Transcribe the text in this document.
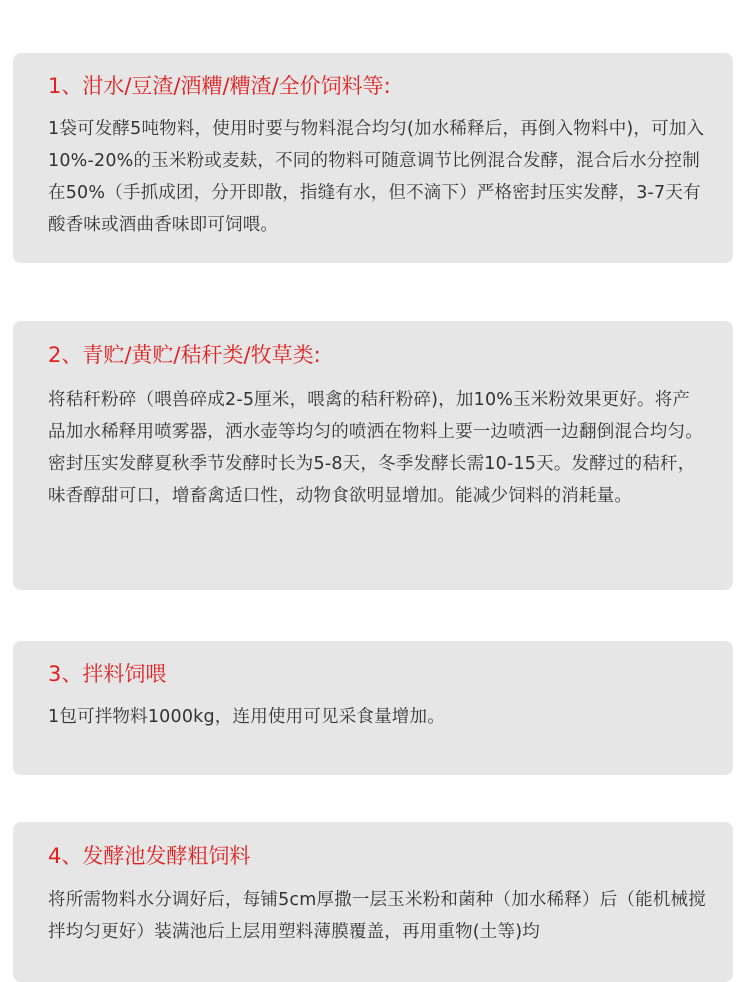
1、泔水/豆渣/酒糟/糟渣/全价饲料等:

1袋可发酵5吨物料，使用时要与物料混合均匀(加水稀释后，再倒入物料中)，可加入10%-20%的玉米粉或麦麸，不同的物料可随意调节比例混合发酵，混合后水分控制在50%（手抓成团，分开即散，指缝有水，但不滴下）严格密封压实发酵，3-7天有酸香味或酒曲香味即可饲喂。

2、青贮/黄贮/秸秆类/牧草类:

将秸秆粉碎（喂兽碎成2-5厘米，喂禽的秸秆粉碎)，加10%玉米粉效果更好。将产品加水稀释用喷雾器，洒水壶等均匀的喷洒在物料上要一边喷洒一边翻倒混合均匀。密封压实发酵夏秋季节发酵时长为5-8天，冬季发酵长需10-15天。发酵过的秸秆，味香醇甜可口，增畜禽适口性，动物食欲明显增加。能减少饲料的消耗量。

3、拌料饲喂

1包可拌物料1000kg，连用使用可见采食量增加。

4、发酵池发酵粗饲料

将所需物料水分调好后，每铺5cm厚撒一层玉米粉和菌种（加水稀释）后（能机械搅拌均匀更好）装满池后上层用塑料薄膜覆盖，再用重物(土等)均
